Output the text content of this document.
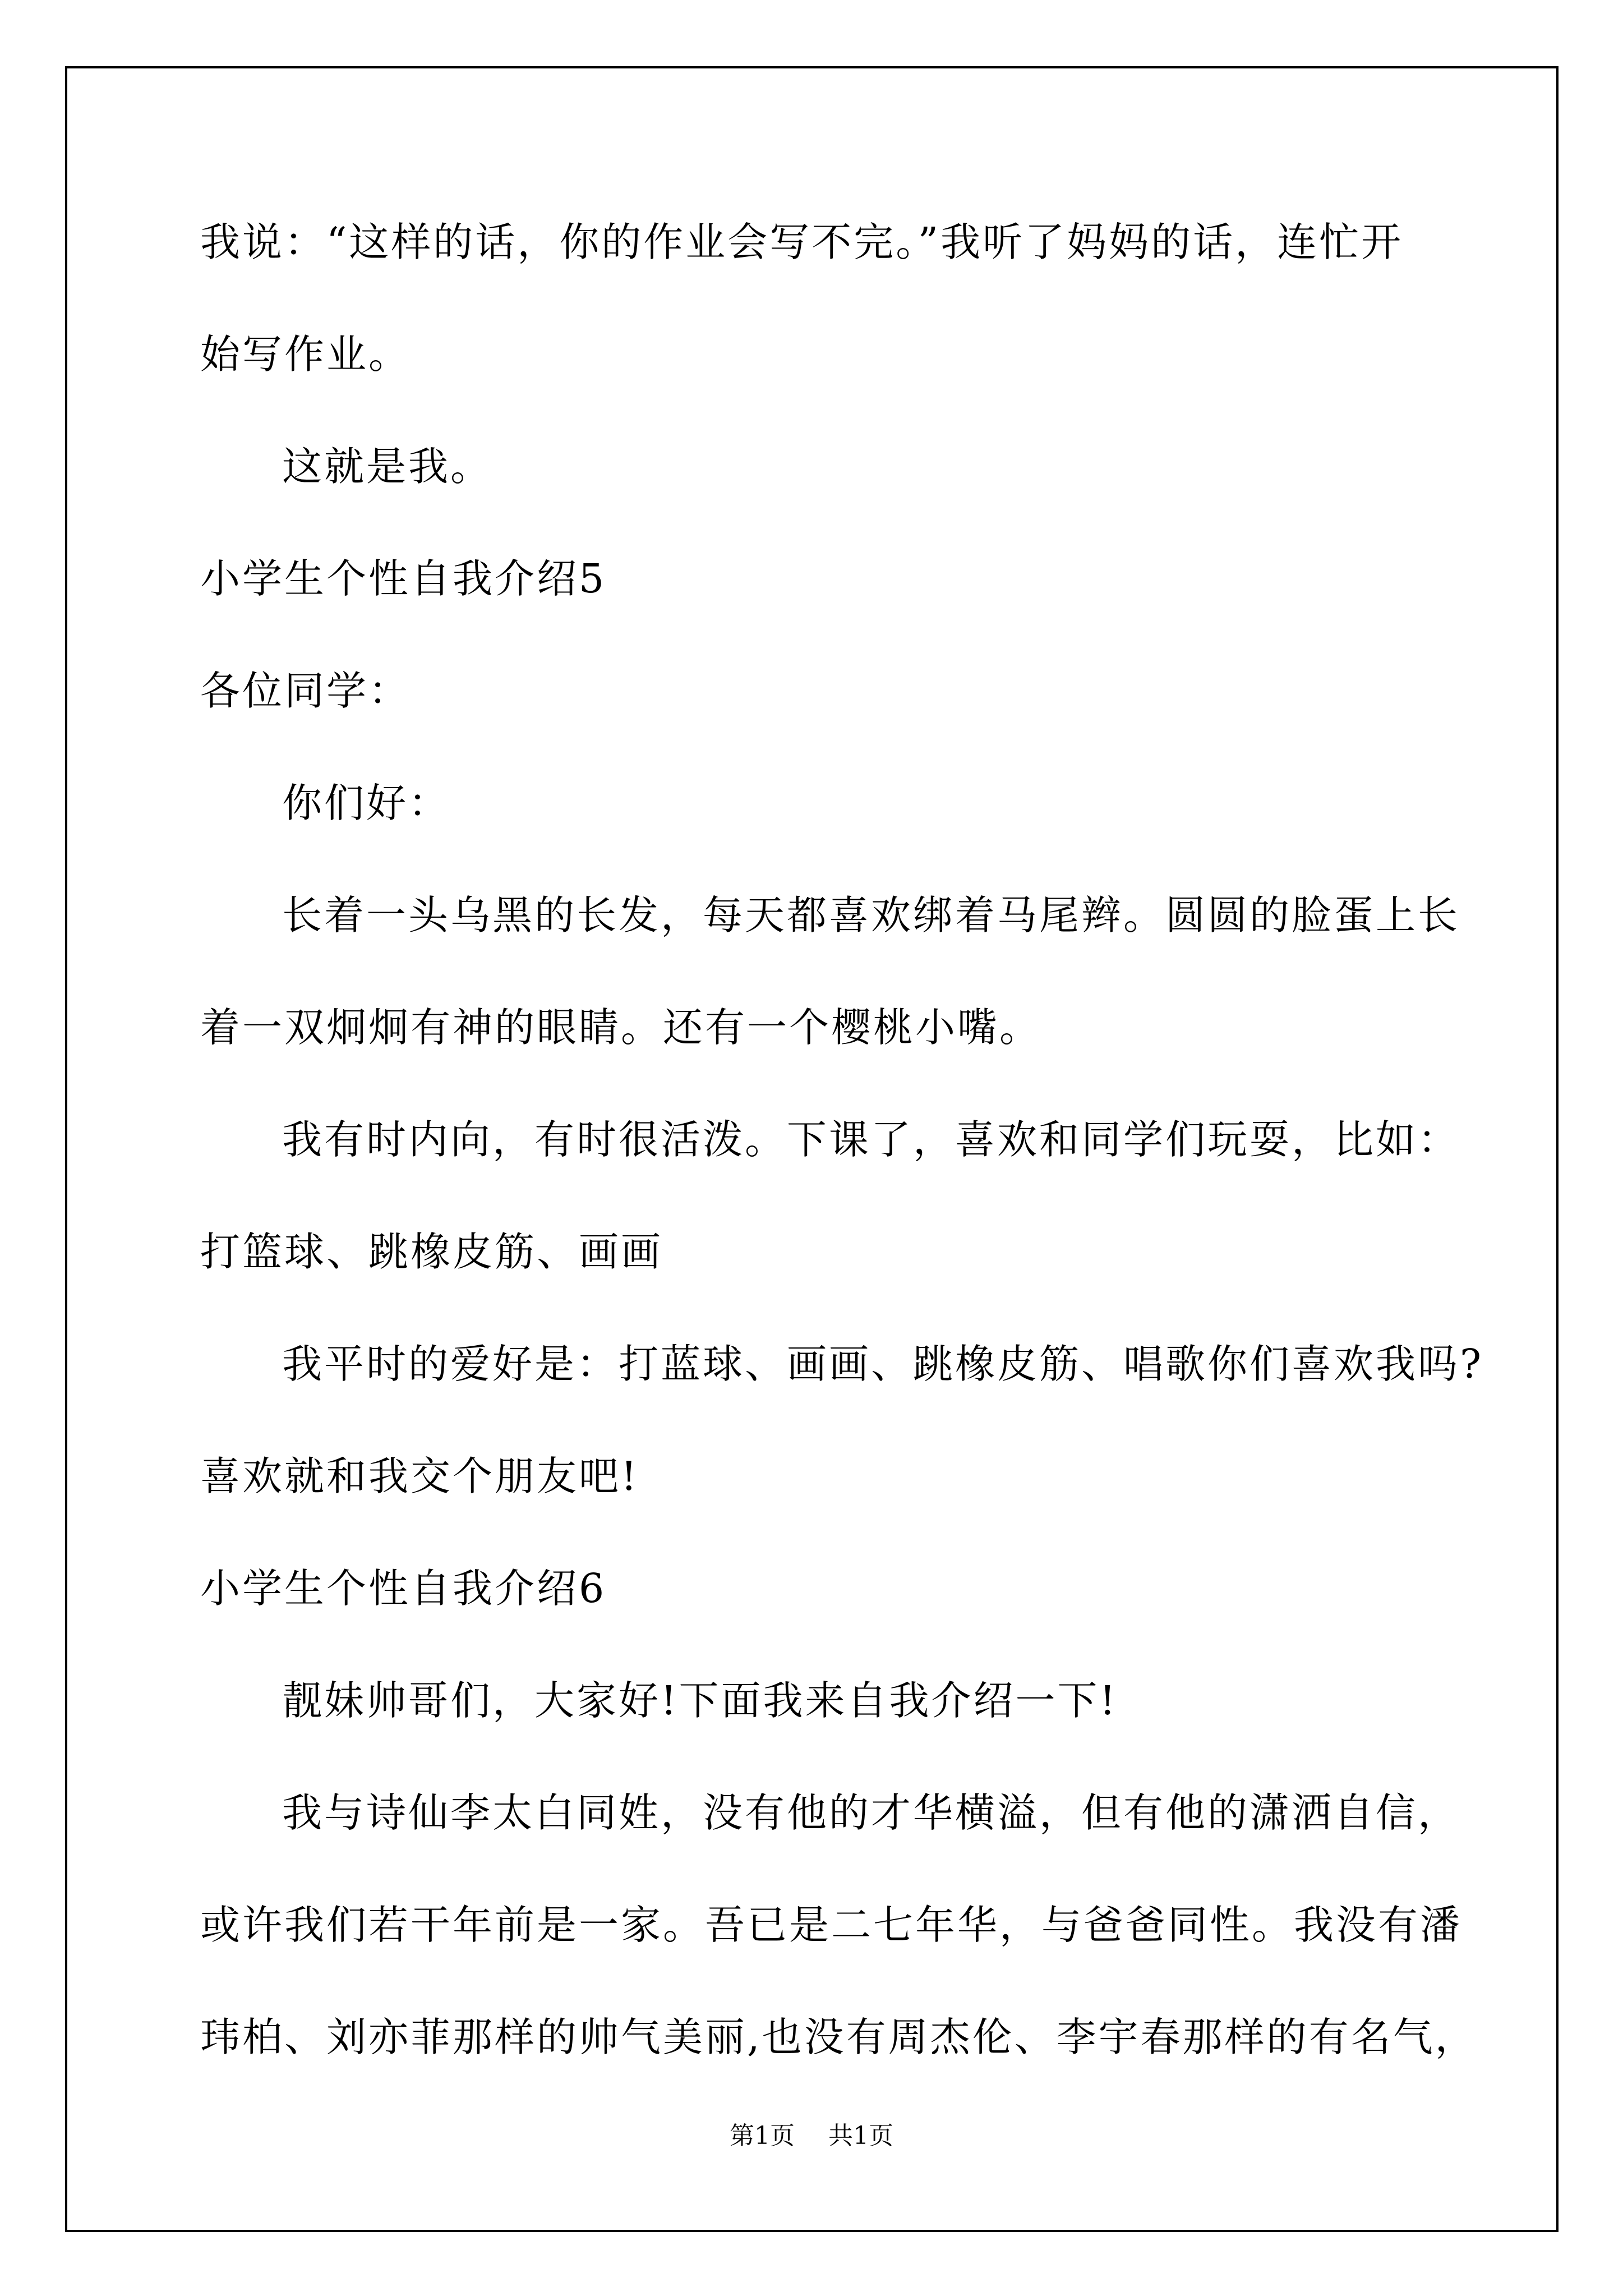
我说：“这样的话，你的作业会写不完。”我听了妈妈的话，连忙开
始写作业。
这就是我。
小学生个性自我介绍5
各位同学：
你们好：
长着一头乌黑的长发，每天都喜欢绑着马尾辫。圆圆的脸蛋上长
着一双炯炯有神的眼睛。还有一个樱桃小嘴。
我有时内向，有时很活泼。下课了，喜欢和同学们玩耍，比如：
打篮球、跳橡皮筋、画画
我平时的爱好是：打蓝球、画画、跳橡皮筋、唱歌你们喜欢我吗?
喜欢就和我交个朋友吧!
小学生个性自我介绍6
靓妹帅哥们，大家好!下面我来自我介绍一下!
我与诗仙李太白同姓，没有他的才华横溢，但有他的潇洒自信，
或许我们若干年前是一家。吾已是二七年华，与爸爸同性。我没有潘
玮柏、刘亦菲那样的帅气美丽,也没有周杰伦、李宇春那样的有名气，
第1页 共1页
